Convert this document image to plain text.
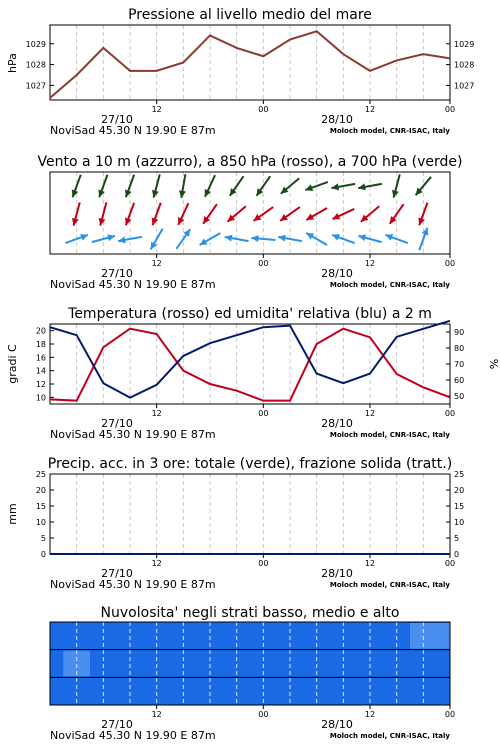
Pressione al livello medio del mare
1027	1027
1028	1028
1029	1029
hPa
12	00	12	00
27/10	28/10
NoviSad 45.30 N 19.90 E 87m	Moloch model, CNR-ISAC, Italy
Vento a 10 m (azzurro), a 850 hPa (rosso), a 700 hPa (verde)
12	00	12	00
27/10	28/10
NoviSad 45.30 N 19.90 E 87m	Moloch model, CNR-ISAC, Italy
Temperatura (rosso) ed umidita' relativa (blu) a 2 m
10
12
14
16
18
20
50
60
70
80
90
gradi C	%
12	00	12	00
27/10	28/10
NoviSad 45.30 N 19.90 E 87m	Moloch model, CNR-ISAC, Italy
Precip. acc. in 3 ore: totale (verde), frazione solida (tratt.)
0	0
5	5
10	10
15	15
20	20
25	25
mm
12	00	12	00
27/10	28/10
NoviSad 45.30 N 19.90 E 87m	Moloch model, CNR-ISAC, Italy
Nuvolosita' negli strati basso, medio e alto
12	00	12	00
27/10	28/10
NoviSad 45.30 N 19.90 E 87m	Moloch model, CNR-ISAC, Italy
